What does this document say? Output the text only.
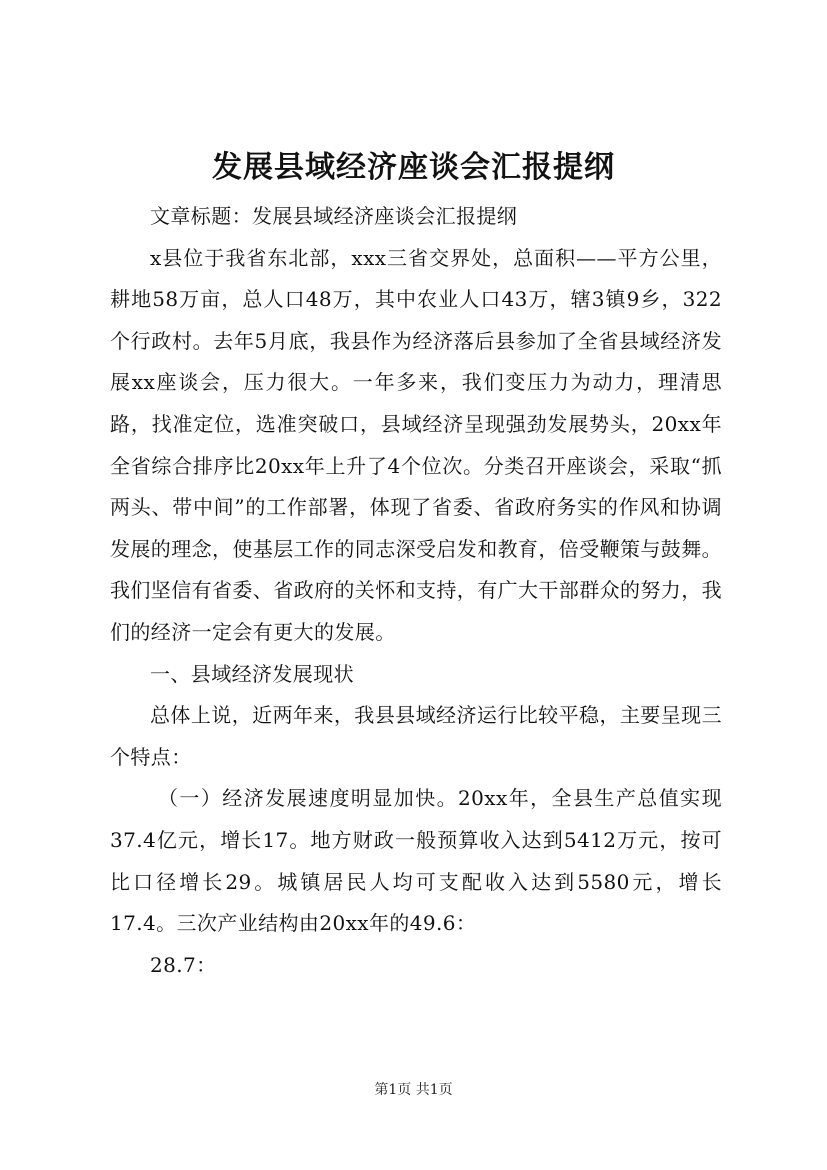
发展县域经济座谈会汇报提纲

文章标题：发展县域经济座谈会汇报提纲

x县位于我省东北部，xxx三省交界处，总面积——平方公里，耕地58万亩，总人口48万，其中农业人口43万，辖3镇9乡，322个行政村。去年5月底，我县作为经济落后县参加了全省县域经济发展xx座谈会，压力很大。一年多来，我们变压力为动力，理清思路，找准定位，选准突破口，县域经济呈现强劲发展势头，20xx年全省综合排序比20xx年上升了4个位次。分类召开座谈会，采取“抓两头、带中间”的工作部署，体现了省委、省政府务实的作风和协调发展的理念，使基层工作的同志深受启发和教育，倍受鞭策与鼓舞。我们坚信有省委、省政府的关怀和支持，有广大干部群众的努力，我们的经济一定会有更大的发展。

一、县域经济发展现状

总体上说，近两年来，我县县域经济运行比较平稳，主要呈现三个特点：

（一）经济发展速度明显加快。20xx年，全县生产总值实现37.4亿元，增长17。地方财政一般预算收入达到5412万元，按可比口径增长29。城镇居民人均可支配收入达到5580元，增长17.4。三次产业结构由20xx年的49.6：

28.7：

第1页 共1页
